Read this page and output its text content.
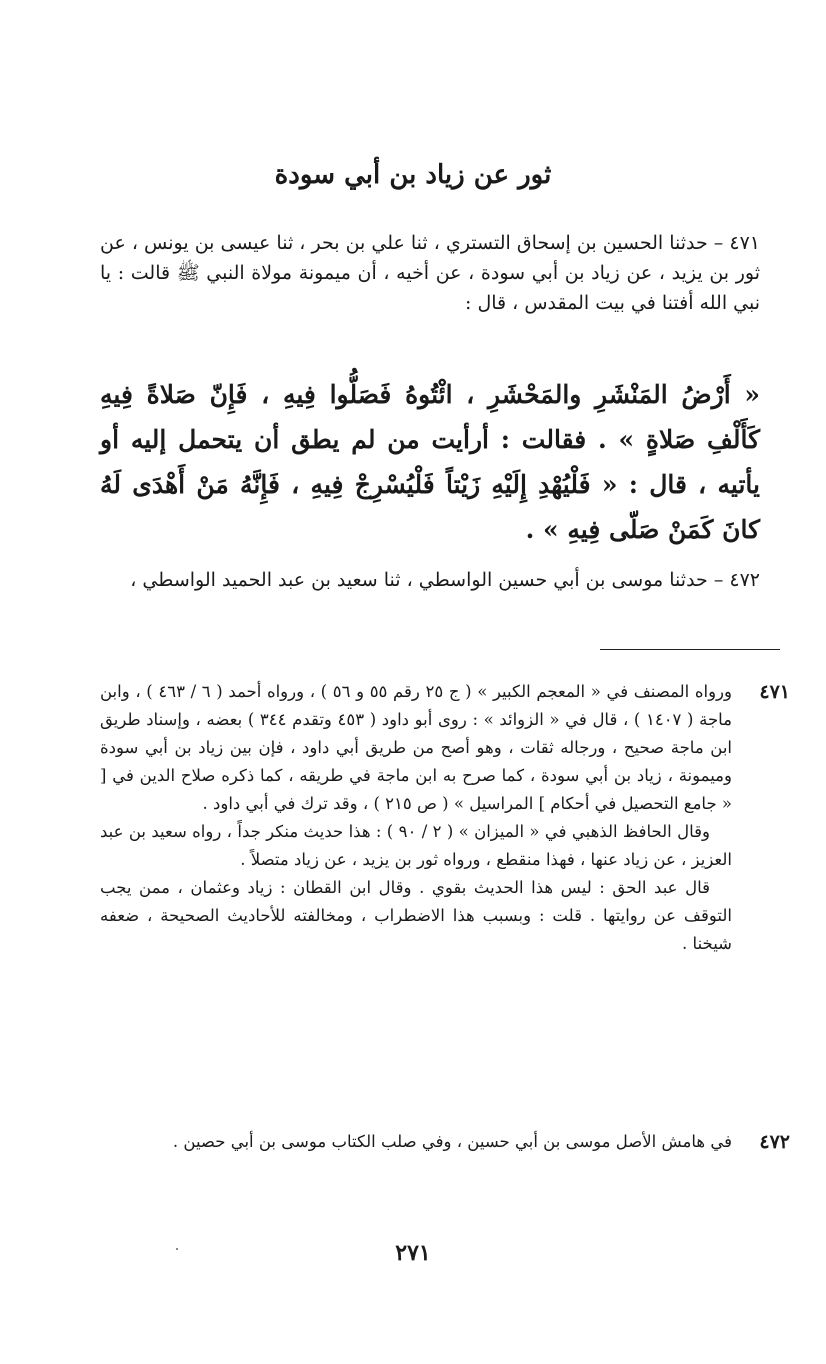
ثور عن زياد بن أبي سودة
٤٧١ – حدثنا الحسين بن إسحاق التستري ، ثنا علي بن بحر ، ثنا عيسى بن يونس ، عن ثور بن يزيد ، عن زياد بن أبي سودة ، عن أخيه ، أن ميمونة مولاة النبي ﷺ قالت : يا نبي الله أفتنا في بيت المقدس ، قال :
« أَرْضُ المَنْشَرِ والمَحْشَرِ ، ائْتُوهُ فَصَلُّوا فِيهِ ، فَإِنّ صَلاةً فِيهِ كَأَلْفِ صَلاةٍ » . فقالت : أرأيت من لم يطق أن يتحمل إليه أو يأتيه ، قال : « فَلْيُهْدِ إِلَيْهِ زَيْتاً فَلْيُسْرِجْ فِيهِ ، فَإِنَّهُ مَنْ أَهْدَى لَهُ كانَ كَمَنْ صَلّى فِيهِ » .
٤٧٢ – حدثنا موسى بن أبي حسين الواسطي ، ثنا سعيد بن عبد الحميد الواسطي ،
٤٧١
ورواه المصنف في « المعجم الكبير » ( ج ٢٥ رقم ٥٥ و ٥٦ ) ، ورواه أحمد ( ٦ / ٤٦٣ ) ، وابن ماجة ( ١٤٠٧ ) ، قال في « الزوائد » : روى أبو داود ( ٤٥٣ وتقدم ٣٤٤ ) بعضه ، وإسناد طريق ابن ماجة صحيح ، ورجاله ثقات ، وهو أصح من طريق أبي داود ، فإن بين زياد بن أبي سودة وميمونة ، زياد بن أبي سودة ، كما صرح به ابن ماجة في طريقه ، كما ذكره صلاح الدين في [ « جامع التحصيل في أحكام ] المراسيل » ( ص ٢١٥ ) ، وقد ترك في أبي داود .
وقال الحافظ الذهبي في « الميزان » ( ٢ / ٩٠ ) : هذا حديث منكر جداً ، رواه سعيد بن عبد العزيز ، عن زياد عنها ، فهذا منقطع ، ورواه ثور بن يزيد ، عن زياد متصلاً .
قال عبد الحق : ليس هذا الحديث بقوي . وقال ابن القطان : زياد وعثمان ، ممن يجب التوقف عن روايتها . قلت : وبسبب هذا الاضطراب ، ومخالفته للأحاديث الصحيحة ، ضعفه شيخنا .
٤٧٢
في هامش الأصل موسى بن أبي حسين ، وفي صلب الكتاب موسى بن أبي حصين .
٢٧١
